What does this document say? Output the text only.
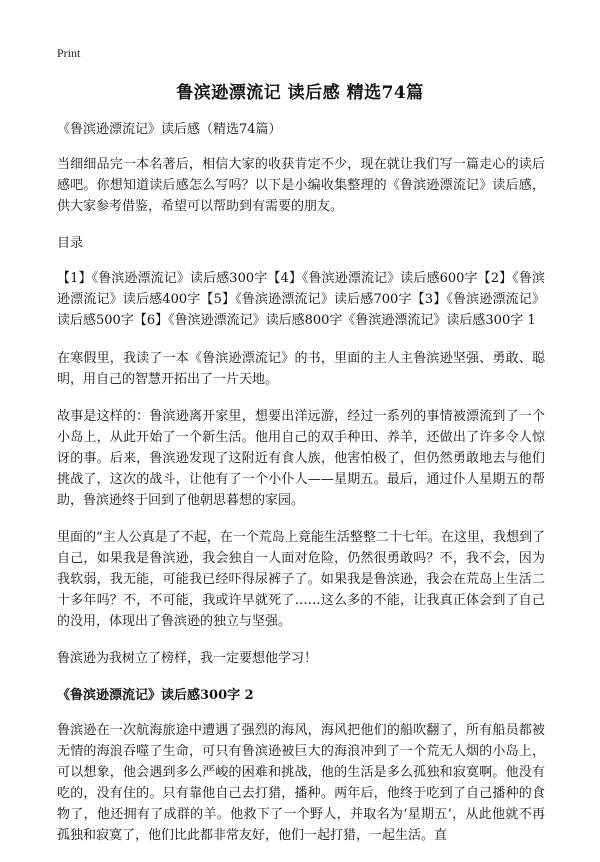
Print
鲁滨逊漂流记 读后感 精选74篇

《鲁滨逊漂流记》读后感（精选74篇）

当细细品完一本名著后，相信大家的收获肯定不少，现在就让我们写一篇走心的读后感吧。你想知道读后感怎么写吗？以下是小编收集整理的《鲁滨逊漂流记》读后感，供大家参考借鉴，希望可以帮助到有需要的朋友。

目录

【1】《鲁滨逊漂流记》读后感300字【4】《鲁滨逊漂流记》读后感600字【2】《鲁滨逊漂流记》读后感400字【5】《鲁滨逊漂流记》读后感700字【3】《鲁滨逊漂流记》读后感500字【6】《鲁滨逊漂流记》读后感800字《鲁滨逊漂流记》读后感300字 1

在寒假里，我读了一本《鲁滨逊漂流记》的书，里面的主人主鲁滨逊坚强、勇敢、聪明，用自己的智慧开拓出了一片天地。

故事是这样的：鲁滨逊离开家里，想要出洋远游，经过一系列的事情被漂流到了一个小岛上，从此开始了一个新生活。他用自己的双手种田、养羊，还做出了许多令人惊讶的事。后来，鲁滨逊发现了这附近有食人族，他害怕极了，但仍然勇敢地去与他们挑战了，这次的战斗，让他有了一个小仆人——星期五。最后，通过仆人星期五的帮助，鲁滨逊终于回到了他朝思暮想的家园。

里面的“主人公真是了不起，在一个荒岛上竟能生活整整二十七年。在这里，我想到了自己，如果我是鲁滨逊，我会独自一人面对危险，仍然很勇敢吗？不，我不会，因为我软弱，我无能，可能我已经吓得尿裤子了。如果我是鲁滨逊，我会在荒岛上生活二十多年吗？不，不可能，我或许早就死了……这么多的不能，让我真正体会到了自己的没用，体现出了鲁滨逊的独立与坚强。

鲁滨逊为我树立了榜样，我一定要想他学习！

《鲁滨逊漂流记》读后感300字 2

鲁滨逊在一次航海旅途中遭遇了强烈的海风，海风把他们的船吹翻了，所有船员都被无情的海浪吞噬了生命，可只有鲁滨逊被巨大的海浪冲到了一个荒无人烟的小岛上，可以想象，他会遇到多么严峻的困难和挑战，他的生活是多么孤独和寂寞啊。他没有吃的，没有住的。只有靠他自己去打猎，播种。两年后，他终于吃到了自己播种的食物了，他还拥有了成群的羊。他救下了一个野人，并取名为‘星期五’，从此他就不再孤独和寂寞了，他们比此都非常友好，他们一起打猎，一起生活。直
